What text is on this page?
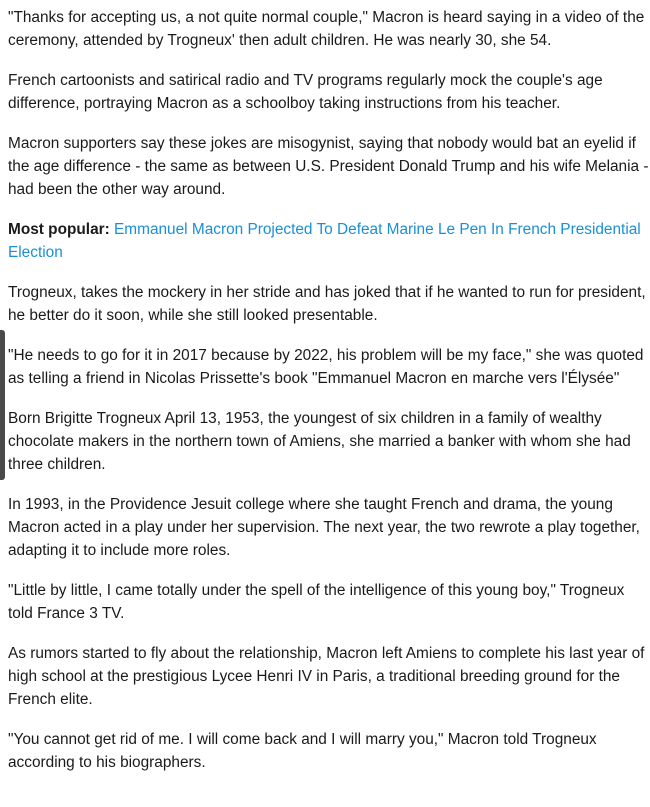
"Thanks for accepting us, a not quite normal couple," Macron is heard saying in a video of the ceremony, attended by Trogneux' then adult children. He was nearly 30, she 54.

French cartoonists and satirical radio and TV programs regularly mock the couple's age difference, portraying Macron as a schoolboy taking instructions from his teacher.

Macron supporters say these jokes are misogynist, saying that nobody would bat an eyelid if the age difference - the same as between U.S. President Donald Trump and his wife Melania - had been the other way around.

Most popular: Emmanuel Macron Projected To Defeat Marine Le Pen In French Presidential Election

Trogneux, takes the mockery in her stride and has joked that if he wanted to run for president, he better do it soon, while she still looked presentable.

"He needs to go for it in 2017 because by 2022, his problem will be my face," she was quoted as telling a friend in Nicolas Prissette's book "Emmanuel Macron en marche vers l'Élysée"

Born Brigitte Trogneux April 13, 1953, the youngest of six children in a family of wealthy chocolate makers in the northern town of Amiens, she married a banker with whom she had three children.

In 1993, in the Providence Jesuit college where she taught French and drama, the young Macron acted in a play under her supervision. The next year, the two rewrote a play together, adapting it to include more roles.

"Little by little, I came totally under the spell of the intelligence of this young boy," Trogneux told France 3 TV.

As rumors started to fly about the relationship, Macron left Amiens to complete his last year of high school at the prestigious Lycee Henri IV in Paris, a traditional breeding ground for the French elite.

"You cannot get rid of me. I will come back and I will marry you," Macron told Trogneux according to his biographers.
